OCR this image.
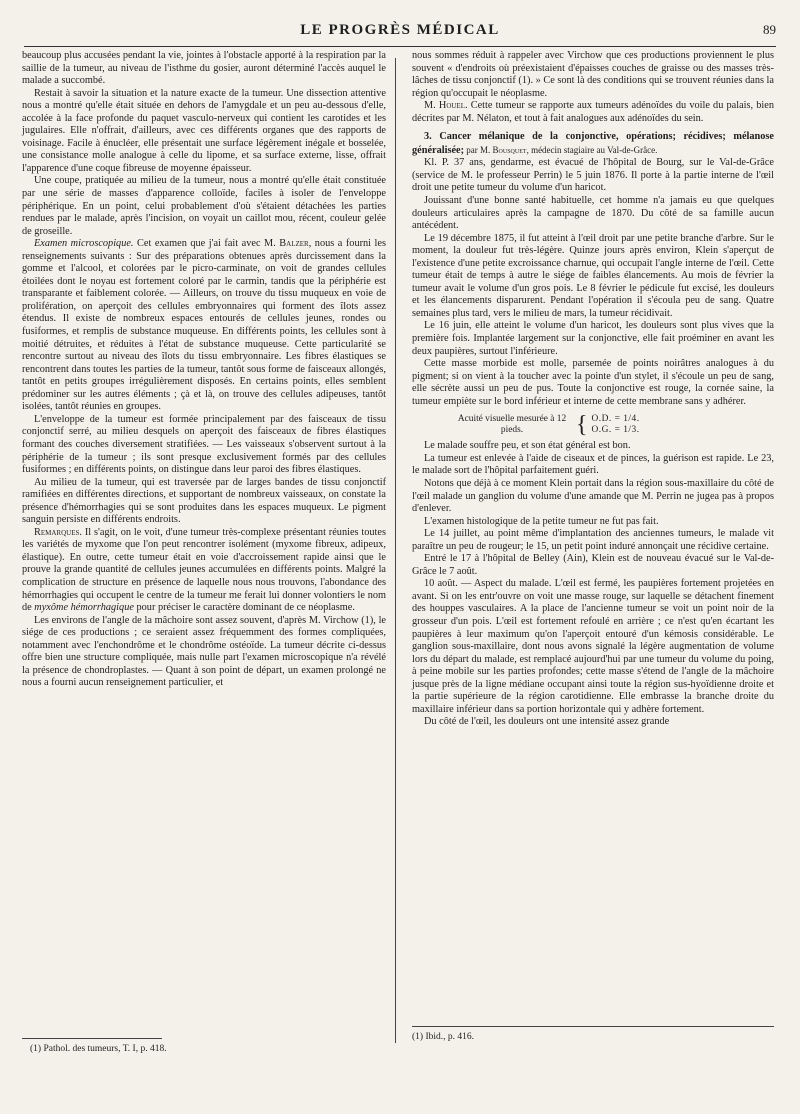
LE PROGRÈS MÉDICAL	89

beaucoup plus accusées pendant la vie, jointes à l'obstacle apporté à la respiration par la saillie de la tumeur, au niveau de l'isthme du gosier, auront déterminé l'accès auquel le malade a succombé.

Restait à savoir la situation et la nature exacte de la tumeur. Une dissection attentive nous a montré qu'elle était située en dehors de l'amygdale et un peu au-dessous d'elle, accolée à la face profonde du paquet vasculo-nerveux qui contient les carotides et les jugulaires. Elle n'offrait, d'ailleurs, avec ces différents organes que des rapports de voisinage. Facile à énucléer, elle présentait une surface légèrement inégale et bosselée, une consistance molle analogue à celle du lipome, et sa surface externe, lisse, offrait l'apparence d'une coque fibreuse de moyenne épaisseur.

Une coupe, pratiquée au milieu de la tumeur, nous a montré qu'elle était constituée par une série de masses d'apparence colloïde, faciles à isoler de l'enveloppe périphérique. En un point, celui probablement d'où s'étaient détachées les parties rendues par le malade, après l'incision, on voyait un caillot mou, récent, couleur gelée de groseille.

Examen microscopique. Cet examen que j'ai fait avec M. Balzer, nous a fourni les renseignements suivants : Sur des préparations obtenues après durcissement dans la gomme et l'alcool, et colorées par le picro-carminate, on voit de grandes cellules étoilées dont le noyau est fortement coloré par le carmin, tandis que la périphérie est transparante et faiblement colorée. — Ailleurs, on trouve du tissu muqueux en voie de prolifération, on aperçoit des cellules embryonnaires qui forment des îlots assez étendus. Il existe de nombreux espaces entourés de cellules jeunes, rondes ou fusiformes, et remplis de substance muqueuse. En différents points, les cellules sont à moitié détruites, et réduites à l'état de substance muqueuse. Cette particularité se rencontre surtout au niveau des îlots du tissu embryonnaire. Les fibres élastiques se rencontrent dans toutes les parties de la tumeur, tantôt sous forme de faisceaux allongés, tantôt en petits groupes irrégulièrement disposés. En certains points, elles semblent prédominer sur les autres éléments ; çà et là, on trouve des cellules adipeuses, tantôt isolées, tantôt réunies en groupes.

L'enveloppe de la tumeur est formée principalement par des faisceaux de tissu conjonctif serré, au milieu desquels on aperçoit des faisceaux de fibres élastiques formant des couches diversement stratifiées. — Les vaisseaux s'observent surtout à la périphérie de la tumeur ; ils sont presque exclusivement formés par des cellules fusiformes ; en différents points, on distingue dans leur paroi des fibres élastiques.

Au milieu de la tumeur, qui est traversée par de larges bandes de tissu conjonctif ramifiées en différentes directions, et supportant de nombreux vaisseaux, on constate la présence d'hémorrhagies qui se sont produites dans les espaces muqueux. Le pigment sanguin persiste en différents endroits.

Remarques. Il s'agit, on le voit, d'une tumeur très-complexe présentant réunies toutes les variétés de myxome que l'on peut rencontrer isolément (myxome fibreux, adipeux, élastique). En outre, cette tumeur était en voie d'accroissement rapide ainsi que le prouve la grande quantité de cellules jeunes accumulées en différents points. Malgré la complication de structure en présence de laquelle nous nous trouvons, l'abondance des hémorrhagies qui occupent le centre de la tumeur me ferait lui donner volontiers le nom de myxôme hémorrhagique pour préciser le caractère dominant de ce néoplasme.

Les environs de l'angle de la mâchoire sont assez souvent, d'après M. Virchow (1), le siége de ces productions ; ce seraient assez fréquemment des formes compliquées, notamment avec l'enchondrôme et le chondrôme ostéoïde. La tumeur décrite ci-dessus offre bien une structure compliquée, mais nulle part l'examen microscopique n'a révélé la présence de chondroplastes. — Quant à son point de départ, un examen prolongé ne nous a fourni aucun renseignement particulier, et

(1) Pathol. des tumeurs, T. I, p. 418.

nous sommes réduit à rappeler avec Virchow que ces productions proviennent le plus souvent « d'endroits où préexistaient d'épaisses couches de graisse ou des masses très-lâches de tissu conjonctif (1). » Ce sont là des conditions qui se trouvent réunies dans la région qu'occupait le néoplasme.

M. Houel. Cette tumeur se rapporte aux tumeurs adénoïdes du voile du palais, bien décrites par M. Nélaton, et tout à fait analogues aux adénoïdes du sein.

3. Cancer mélanique de la conjonctive, opérations; récidives; mélanose généralisée; par M. Bousquet, médecin stagiaire au Val-de-Grâce.

Kl. P. 37 ans, gendarme, est évacué de l'hôpital de Bourg, sur le Val-de-Grâce (service de M. le professeur Perrin) le 5 juin 1876. Il porte à la partie interne de l'œil droit une petite tumeur du volume d'un haricot.

Jouissant d'une bonne santé habituelle, cet homme n'a jamais eu que quelques douleurs articulaires après la campagne de 1870. Du côté de sa famille aucun antécédent.

Le 19 décembre 1875, il fut atteint à l'œil droit par une petite branche d'arbre. Sur le moment, la douleur fut très-légère. Quinze jours après environ, Klein s'aperçut de l'existence d'une petite excroissance charnue, qui occupait l'angle interne de l'œil. Cette tumeur était de temps à autre le siége de faibles élancements. Au mois de février la tumeur avait le volume d'un gros pois. Le 8 février le pédicule fut excisé, les douleurs et les élancements disparurent. Pendant l'opération il s'écoula peu de sang. Quatre semaines plus tard, vers le milieu de mars, la tumeur récidivait.

Le 16 juin, elle atteint le volume d'un haricot, les douleurs sont plus vives que la première fois. Implantée largement sur la conjonctive, elle fait proéminer en avant les deux paupières, surtout l'inférieure.

Cette masse morbide est molle, parsemée de points noirâtres analogues à du pigment; si on vient à la toucher avec la pointe d'un stylet, il s'écoule un peu de sang, elle sécrète aussi un peu de pus. Toute la conjonctive est rouge, la cornée saine, la tumeur empiète sur le bord inférieur et interne de cette membrane sans y adhérer.

Acuité visuelle mesurée à 12 pieds.	{ O.D. = 1/4.
O.G. = 1/3.

Le malade souffre peu, et son état général est bon.

La tumeur est enlevée à l'aide de ciseaux et de pinces, la guérison est rapide. Le 23, le malade sort de l'hôpital parfaitement guéri.

Notons que déjà à ce moment Klein portait dans la région sous-maxillaire du côté de l'œil malade un ganglion du volume d'une amande que M. Perrin ne jugea pas à propos d'enlever.

L'examen histologique de la petite tumeur ne fut pas fait.

Le 14 juillet, au point même d'implantation des anciennes tumeurs, le malade vit paraître un peu de rougeur; le 15, un petit point induré annonçait une récidive certaine.

Entré le 17 à l'hôpital de Belley (Ain), Klein est de nouveau évacué sur le Val-de-Grâce le 7 août.

10 août. — Aspect du malade. L'œil est fermé, les paupières fortement projetées en avant. Si on les entr'ouvre on voit une masse rouge, sur laquelle se détachent finement des houppes vasculaires. A la place de l'ancienne tumeur se voit un point noir de la grosseur d'un pois. L'œil est fortement refoulé en arrière ; ce n'est qu'en écartant les paupières à leur maximum qu'on l'aperçoit entouré d'un kémosis considérable. Le ganglion sous-maxillaire, dont nous avons signalé la légère augmentation de volume lors du départ du malade, est remplacé aujourd'hui par une tumeur du volume du poing, à peine mobile sur les parties profondes; cette masse s'étend de l'angle de la mâchoire jusque près de la ligne médiane occupant ainsi toute la région sus-hyoïdienne droite et la partie supérieure de la région carotidienne. Elle embrasse la branche droite du maxillaire inférieur dans sa portion horizontale qui y adhère fortement.

Du côté de l'œil, les douleurs ont une intensité assez grande

(1) Ibid., p. 416.
